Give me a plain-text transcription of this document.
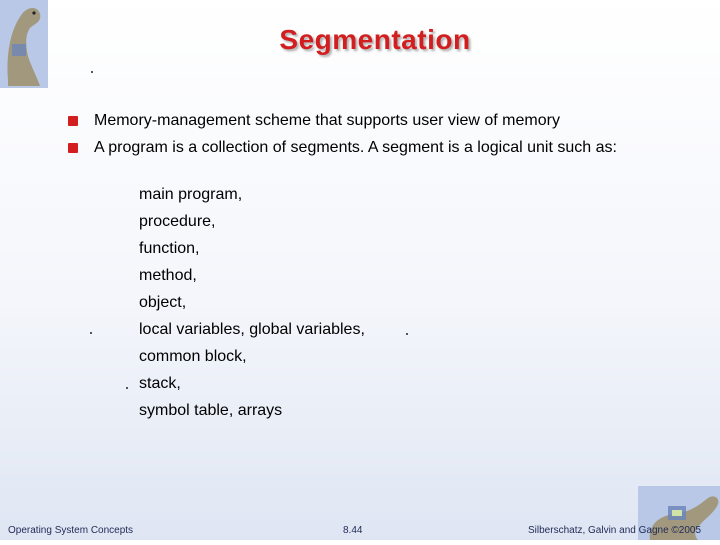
Segmentation
Memory-management scheme that supports user view of memory
A program is a collection of segments. A segment is a logical unit such as:
main program,
procedure,
function,
method,
object,
local variables, global variables,
common block,
stack,
symbol table, arrays
Operating System Concepts	8.44	Silberschatz, Galvin and Gagne ©2005
